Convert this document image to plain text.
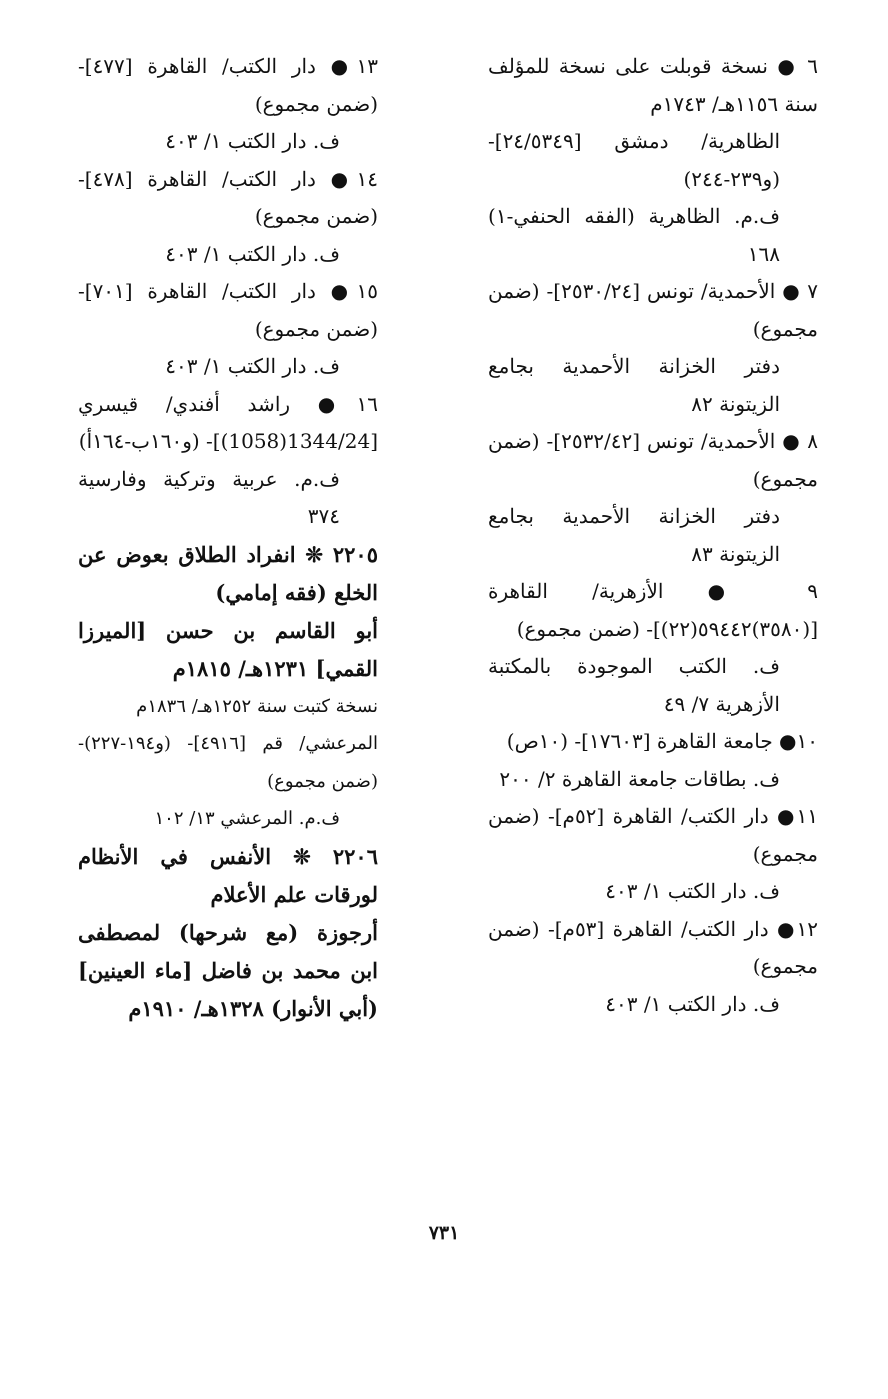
٦ ● نسخة قوبلت على نسخة للمؤلف سنة ١١٥٦هـ/ ١٧٤٣م

الظاهرية/ دمشق [٢٤/٥٣٤٩]- (و٢٣٩-٢٤٤)

ف.م. الظاهرية (الفقه الحنفي-١) ١٦٨

٧ ● الأحمدية/ تونس [٢٥٣٠/٢٤]- (ضمن مجموع)

دفتر الخزانة الأحمدية بجامع الزيتونة ٨٢

٨ ● الأحمدية/ تونس [٢٥٣٢/٤٢]- (ضمن مجموع)

دفتر الخزانة الأحمدية بجامع الزيتونة ٨٣

٩ ● الأزهرية/ القاهرة [(٣٥٨٠)٥٩٤٤٢(٢٢)]- (ضمن مجموع)

ف. الكتب الموجودة بالمكتبة الأزهرية ٧/ ٤٩

١٠● جامعة القاهرة [١٧٦٠٣]- (١٠ص)

ف. بطاقات جامعة القاهرة ٢/ ٢٠٠

١١● دار الكتب/ القاهرة [٥٢م]- (ضمن مجموع)

ف. دار الكتب ١/ ٤٠٣

١٢● دار الكتب/ القاهرة [٥٣م]- (ضمن مجموع)

ف. دار الكتب ١/ ٤٠٣

١٣● دار الكتب/ القاهرة [٤٧٧]- (ضمن مجموع)

ف. دار الكتب ١/ ٤٠٣

١٤● دار الكتب/ القاهرة [٤٧٨]- (ضمن مجموع)

ف. دار الكتب ١/ ٤٠٣

١٥● دار الكتب/ القاهرة [٧٠١]- (ضمن مجموع)

ف. دار الكتب ١/ ٤٠٣

١٦● راشد أفندي/ قيسري [1344/24(1058)]- (و١٦٠ب-١٦٤أ)

ف.م. عربية وتركية وفارسية ٣٧٤

٢٢٠٥ ❊ انفراد الطلاق بعوض عن الخلع (فقه إمامي)

أبو القاسم بن حسن [الميرزا القمي] ١٢٣١هـ/ ١٨١٥م

نسخة كتبت سنة ١٢٥٢هـ/ ١٨٣٦م

المرعشي/ قم [٤٩١٦]- (و١٩٤-٢٢٧)- (ضمن مجموع)

ف.م. المرعشي ١٣/ ١٠٢

٢٢٠٦ ❊ الأنفس في الأنظام لورقات علم الأعلام

أرجوزة (مع شرحها) لمصطفى ابن محمد بن فاضل [ماء العينين] (أبي الأنوار) ١٣٢٨هـ/ ١٩١٠م

٧٣١
